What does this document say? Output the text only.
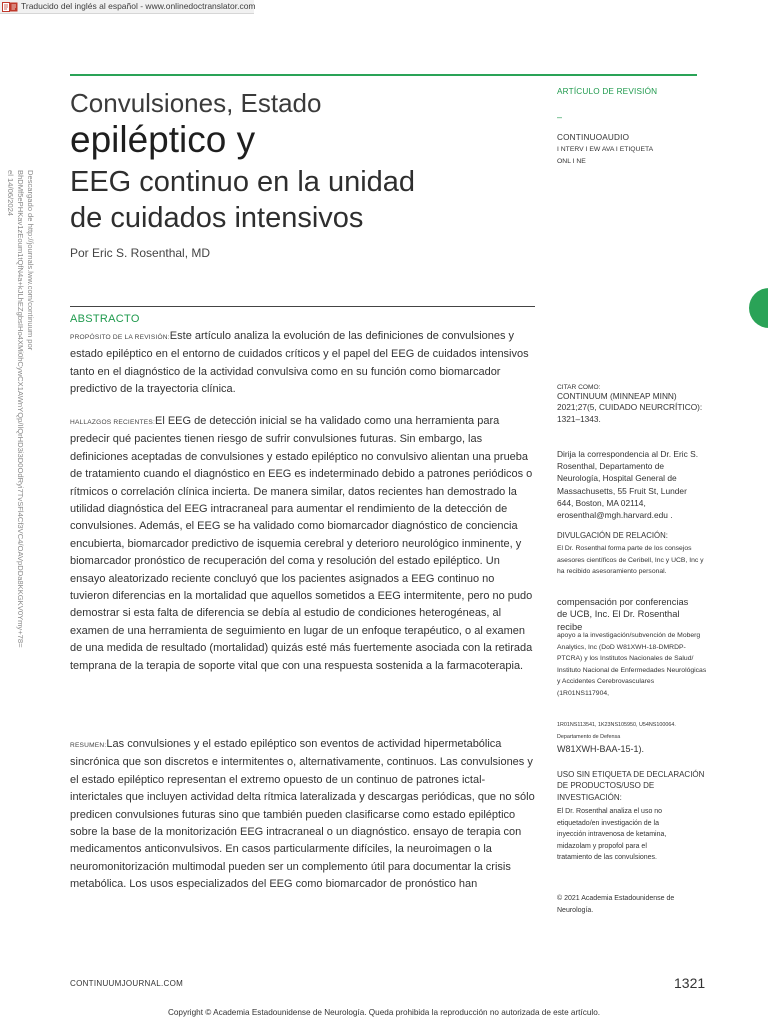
Traducido del inglés al español - www.onlinedoctranslator.com
Descargado de http://journals.lww.com/continuum por BhDMf5ePHKav1zEoum1tQfN4a+kJLhEZgbsIHo4XMi0hCywCX1AWnYQp/IlQrHD3i3D0OdRyi7TvSFl4Cf3VC4/OAVpDDa8KKGKV0Ymy+78= el 14/06/2024
Convulsiones, Estado
epiléptico y
EEG continuo en la unidad
de cuidados intensivos
Por Eric S. Rosenthal, MD
ABSTRACTO
PROPÓSITO DE LA REVISIÓN:Este artículo analiza la evolución de las definiciones de convulsiones y estado epiléptico en el entorno de cuidados críticos y el papel del EEG de cuidados intensivos tanto en el diagnóstico de la actividad convulsiva como en su función como biomarcador predictivo de la trayectoria clínica.
HALLAZGOS RECIENTES:El EEG de detección inicial se ha validado como una herramienta para predecir qué pacientes tienen riesgo de sufrir convulsiones futuras. Sin embargo, las definiciones aceptadas de convulsiones y estado epiléptico no convulsivo alientan una prueba de tratamiento cuando el diagnóstico en EEG es indeterminado debido a patrones periódicos o rítmicos o correlación clínica incierta. De manera similar, datos recientes han demostrado la utilidad diagnóstica del EEG intracraneal para aumentar el rendimiento de la detección de convulsiones. Además, el EEG se ha validado como biomarcador diagnóstico de conciencia encubierta, biomarcador predictivo de isquemia cerebral y deterioro neurológico inminente, y biomarcador pronóstico de recuperación del coma y resolución del estado epiléptico. Un ensayo aleatorizado reciente concluyó que los pacientes asignados a EEG continuo no tuvieron diferencias en la mortalidad que aquellos sometidos a EEG intermitente, pero no pudo demostrar si esta falta de diferencia se debía al estudio de condiciones heterogéneas, al examen de una herramienta de seguimiento en lugar de un enfoque terapéutico, o al examen de una medida de resultado (mortalidad) quizás esté más fuertemente asociada con la retirada temprana de la terapia de soporte vital que con una respuesta sostenida a la farmacoterapia.
RESUMEN:Las convulsiones y el estado epiléptico son eventos de actividad hipermetabólica sincrónica que son discretos e intermitentes o, alternativamente, continuos. Las convulsiones y el estado epiléptico representan el extremo opuesto de un continuo de patrones ictal-interictales que incluyen actividad delta rítmica lateralizada y descargas periódicas, que no sólo predicen convulsiones futuras sino que también pueden clasificarse como estado epiléptico sobre la base de la monitorización EEG intracraneal o un diagnóstico. ensayo de terapia con medicamentos anticonvulsivos. En casos particularmente difíciles, la neuroimagen o la neuromonitorización multimodal pueden ser un complemento útil para documentar la crisis metabólica. Los usos especializados del EEG como biomarcador de pronóstico han
ARTÍCULO DE REVISIÓN
–
CONTINUOAUDIO
I NTERV I EW AVA I ETIQUETA
ONL I NE
CITAR COMO:
CONTINUUM (MINNEAP MINN) 2021;27(5, CUIDADO NEURCRÍTICO): 1321–1343.
Dirija la correspondencia al Dr. Eric S. Rosenthal, Departamento de Neurología, Hospital General de Massachusetts, 55 Fruit St, Lunder 644, Boston, MA 02114, erosenthal@mgh.harvard.edu .
DIVULGACIÓN DE RELACIÓN:
El Dr. Rosenthal forma parte de los consejos asesores científicos de Ceribell, Inc y UCB, Inc y ha recibido asesoramiento personal.
compensación por conferencias de UCB, Inc. El Dr. Rosenthal recibe
apoyo a la investigación/subvención de Moberg Analytics, Inc (DoD W81XWH-18-DMRDP-PTCRA) y los Institutos Nacionales de Salud/ Instituto Nacional de Enfermedades Neurológicas y Accidentes Cerebrovasculares (1R01NS117904,
1R01NS113541, 1K23NS105950, U54NS100064.
Departamento de Defensa
W81XWH-BAA-15-1).
USO SIN ETIQUETA DE DECLARACIÓN DE PRODUCTOS/USO DE INVESTIGACIÓN:
El Dr. Rosenthal analiza el uso no etiquetado/en investigación de la inyección intravenosa de ketamina, midazolam y propofol para el tratamiento de las convulsiones.
© 2021 Academia Estadounidense de Neurología.
CONTINUUMJOURNAL.COM	1321
Copyright © Academia Estadounidense de Neurología. Queda prohibida la reproducción no autorizada de este artículo.
